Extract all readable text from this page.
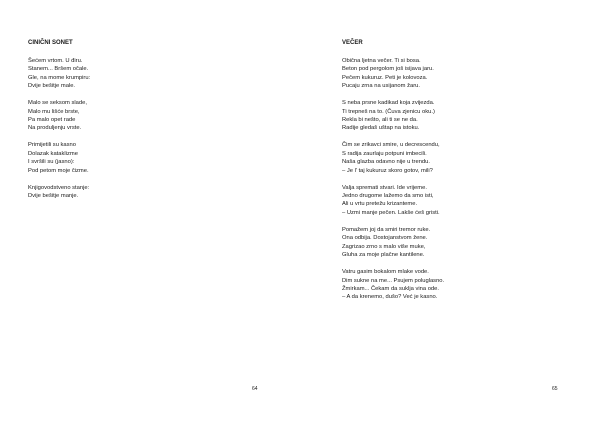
CINIČNI SONET
Šećem vrtom. U điru.
Stanem... Bršem očale.
Gle, na mome krumpiru:
Dvije bešitje male.
Malo se seksom slade,
Malo mu lišće brste,
Pa malo opet rade
Na produljenju vrste.
Primijetili su kasno
Dolazak kataklizme
I svršili su (jasno):
Pod petom moje čizme.
Knjigovodstveno stanje:
Dvije bešitje manje.
64
VEČER
Obična ljetna večer. Ti si bosa.
Beton pod pergolom još isijava jaru.
Pečem kukuruz. Peti je kolovoza.
Pucaju zrna na usijanom žaru.
S neba prsne kadikad koja zvijezda.
Ti trepneš na to. (Čuva zjenicu oku.)
Rekla bi nešto, ali ti se ne da.
Radije gledaš uštap na istoku.
Čim se zrikavci smire, u decrescendu,
S radija zaurlaju potpuni imbecili.
Naša glazba odavno nije u trendu.
– Je l' taj kukuruz skoro gotov, mili?
Valja spremati stvari. Ide vrijeme.
Jedno drugome lažemo da smo isti,
Ali u vrtu pretežu krizanteme.
– Uzmi manje pečen. Lakše ćeš gristi.
Pomažem joj da smiri tremor ruke.
Ona odbija. Dostojanstvom žene.
Zagrizao zrno s malo više muke,
Gluha za moje plačne kantilene.
Vatru gasim bokalom mlake vode.
Dim sukne na me... Psujem poluglasno.
Žmirkam... Čekam da suklja vina ode.
– A da krenemo, dušo? Već je kasno.
65
